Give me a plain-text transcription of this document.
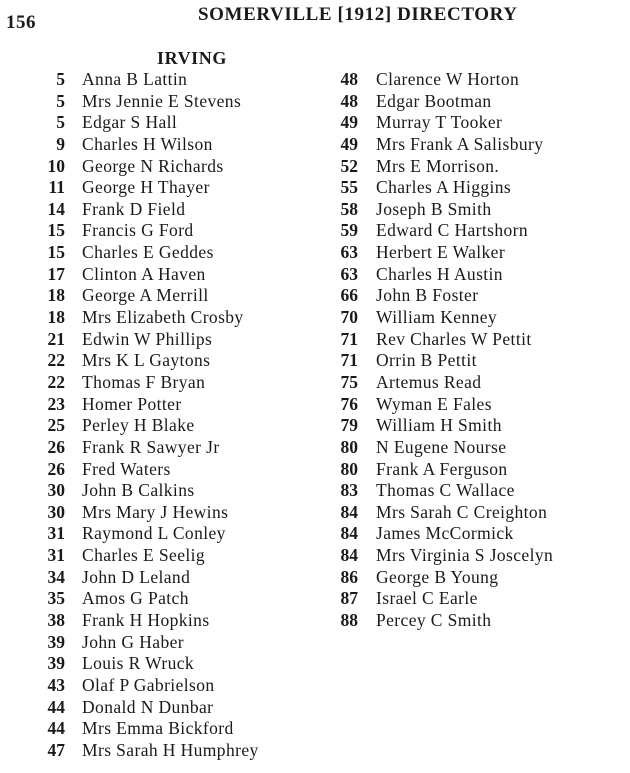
156	SOMERVILLE [1912] DIRECTORY
IRVING
5 Anna B Lattin
5 Mrs Jennie E Stevens
5 Edgar S Hall
9 Charles H Wilson
10 George N Richards
11 George H Thayer
14 Frank D Field
15 Francis G Ford
15 Charles E Geddes
17 Clinton A Haven
18 George A Merrill
18 Mrs Elizabeth Crosby
21 Edwin W Phillips
22 Mrs K L Gaytons
22 Thomas F Bryan
23 Homer Potter
25 Perley H Blake
26 Frank R Sawyer Jr
26 Fred Waters
30 John B Calkins
30 Mrs Mary J Hewins
31 Raymond L Conley
31 Charles E Seelig
34 John D Leland
35 Amos G Patch
38 Frank H Hopkins
39 John G Haber
39 Louis R Wruck
43 Olaf P Gabrielson
44 Donald N Dunbar
44 Mrs Emma Bickford
47 Mrs Sarah H Humphrey
48 Clarence W Horton
48 Edgar Bootman
49 Murray T Tooker
49 Mrs Frank A Salisbury
52 Mrs E Morrison.
55 Charles A Higgins
58 Joseph B Smith
59 Edward C Hartshorn
63 Herbert E Walker
63 Charles H Austin
66 John B Foster
70 William Kenney
71 Rev Charles W Pettit
71 Orrin B Pettit
75 Artemus Read
76 Wyman E Fales
79 William H Smith
80 N Eugene Nourse
80 Frank A Ferguson
83 Thomas C Wallace
84 Mrs Sarah C Creighton
84 James McCormick
84 Mrs Virginia S Joscelyn
86 George B Young
87 Israel C Earle
88 Percey C Smith
